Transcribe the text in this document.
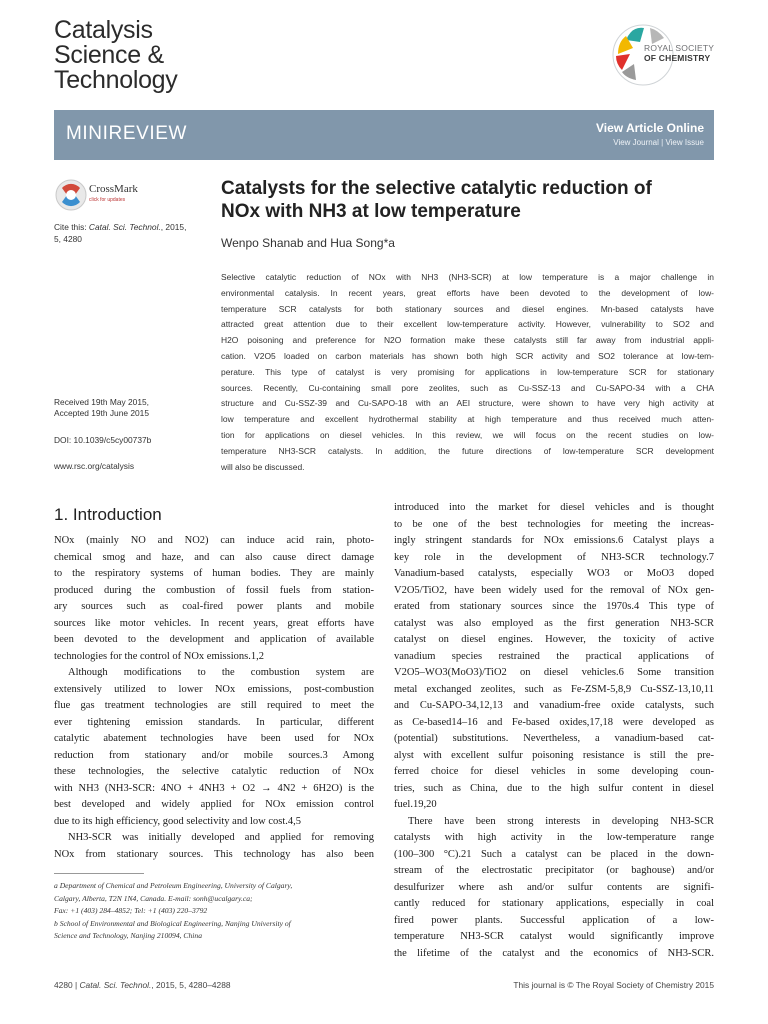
Catalysis
Science &
Technology
ROYAL SOCIETY
OF CHEMISTRY
MINIREVIEW	View Article Online
View Journal | View Issue
CrossMark
click for updates
Cite this: Catal. Sci. Technol., 2015,
5, 4280
Received 19th May 2015,
Accepted 19th June 2015
DOI: 10.1039/c5cy00737b
www.rsc.org/catalysis
Catalysts for the selective catalytic reduction of
NOx with NH3 at low temperature
Wenpo Shanab and Hua Song*a

Selective catalytic reduction of NOx with NH3 (NH3-SCR) at low temperature is a major challenge in

environmental catalysis. In recent years, great efforts have been devoted to the development of low-

temperature SCR catalysts for both stationary sources and diesel engines. Mn-based catalysts have

attracted great attention due to their excellent low-temperature activity. However, vulnerability to SO2 and

H2O poisoning and preference for N2O formation make these catalysts still far away from industrial appli-

cation. V2O5 loaded on carbon materials has shown both high SCR activity and SO2 tolerance at low-tem-

perature. This type of catalyst is very promising for applications in low-temperature SCR for stationary

sources. Recently, Cu-containing small pore zeolites, such as Cu-SSZ-13 and Cu-SAPO-34 with a CHA

structure and Cu-SSZ-39 and Cu-SAPO-18 with an AEI structure, were shown to have very high activity at

low temperature and excellent hydrothermal stability at high temperature and thus received much atten-

tion for applications on diesel vehicles. In this review, we will focus on the recent studies on low-

temperature NH3-SCR catalysts. In addition, the future directions of low-temperature SCR development

will also be discussed.

1. Introduction

NOx (mainly NO and NO2) can induce acid rain, photo-

chemical smog and haze, and can also cause direct damage

to the respiratory systems of human bodies. They are mainly

produced during the combustion of fossil fuels from station-

ary sources such as coal-fired power plants and mobile

sources like motor vehicles. In recent years, great efforts have

been devoted to the development and application of available

technologies for the control of NOx emissions.1,2

Although modifications to the combustion system are

extensively utilized to lower NOx emissions, post-combustion

flue gas treatment technologies are still required to meet the

ever tightening emission standards. In particular, different

catalytic abatement technologies have been used for NOx

reduction from stationary and/or mobile sources.3 Among

these technologies, the selective catalytic reduction of NOx

with NH3 (NH3-SCR: 4NO + 4NH3 + O2 → 4N2 + 6H2O) is the

best developed and widely applied for NOx emission control

due to its high efficiency, good selectivity and low cost.4,5

NH3-SCR was initially developed and applied for removing

NOx from stationary sources. This technology has also been

introduced into the market for diesel vehicles and is thought

to be one of the best technologies for meeting the increas-

ingly stringent standards for NOx emissions.6 Catalyst plays a

key role in the development of NH3-SCR technology.7

Vanadium-based catalysts, especially WO3 or MoO3 doped

V2O5/TiO2, have been widely used for the removal of NOx gen-

erated from stationary sources since the 1970s.4 This type of

catalyst was also employed as the first generation NH3-SCR

catalyst on diesel engines. However, the toxicity of active

vanadium species restrained the practical applications of

V2O5–WO3(MoO3)/TiO2 on diesel vehicles.6 Some transition

metal exchanged zeolites, such as Fe-ZSM-5,8,9 Cu-SSZ-13,10,11

and Cu-SAPO-34,12,13 and vanadium-free oxide catalysts, such

as Ce-based14–16 and Fe-based oxides,17,18 were developed as

(potential) substitutions. Nevertheless, a vanadium-based cat-

alyst with excellent sulfur poisoning resistance is still the pre-

ferred choice for diesel vehicles in some developing coun-

tries, such as China, due to the high sulfur content in diesel

fuel.19,20

There have been strong interests in developing NH3-SCR

catalysts with high activity in the low-temperature range

(100–300 °C).21 Such a catalyst can be placed in the down-

stream of the electrostatic precipitator (or baghouse) and/or

desulfurizer where ash and/or sulfur contents are signifi-

cantly reduced for stationary applications, especially in coal

fired power plants. Successful application of a low-

temperature NH3-SCR catalyst would significantly improve

the lifetime of the catalyst and the economics of NH3-SCR.

a Department of Chemical and Petroleum Engineering, University of Calgary,

Calgary, Alberta, T2N 1N4, Canada. E-mail: sonh@ucalgary.ca;

Fax: +1 (403) 284–4852; Tel: +1 (403) 220–3792

b School of Environmental and Biological Engineering, Nanjing University of

Science and Technology, Nanjing 210094, China

4280 | Catal. Sci. Technol., 2015, 5, 4280–4288	This journal is © The Royal Society of Chemistry 2015
